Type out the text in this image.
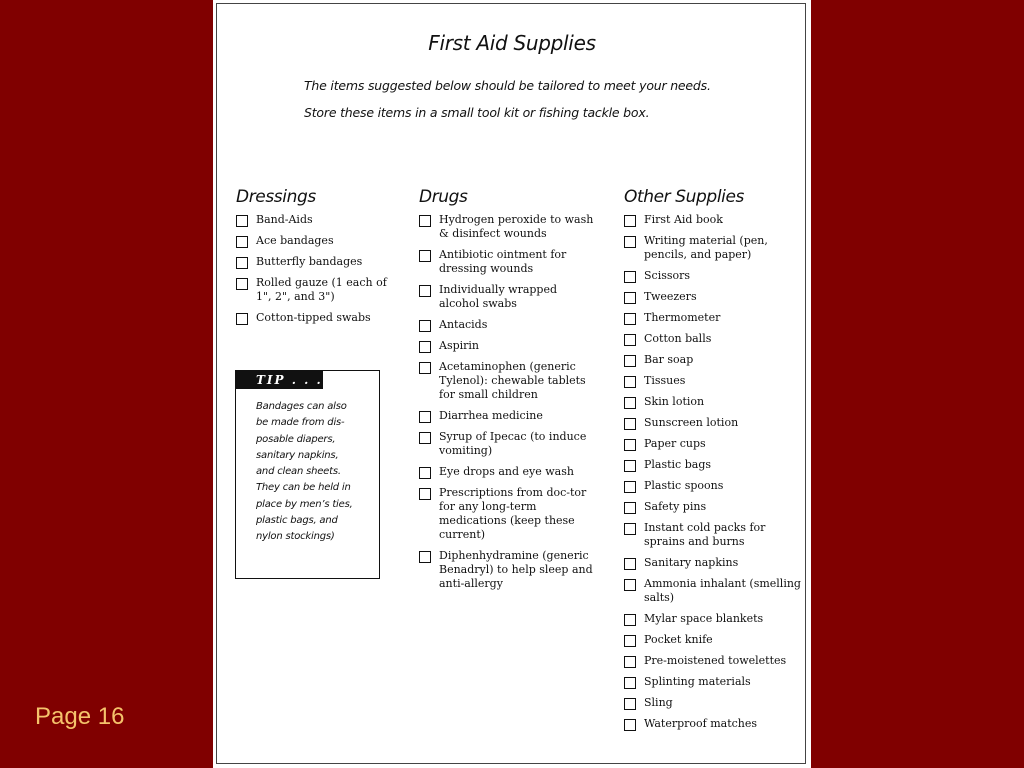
Page 16
First Aid Supplies
The items suggested below should be tailored to meet your needs.
Store these items in a small tool kit or fishing tackle box.
Dressings
Band-Aids
Ace bandages
Butterfly bandages
Rolled gauze (1 each of 1", 2", and 3")
Cotton-tipped swabs
Drugs
Hydrogen peroxide to wash & disinfect wounds
Antibiotic ointment for dressing wounds
Individually wrapped alcohol swabs
Antacids
Aspirin
Acetaminophen (generic Tylenol): chewable tablets for small children
Diarrhea medicine
Syrup of Ipecac (to induce vomiting)
Eye drops and eye wash
Prescriptions from doc-tor for any long-term medications (keep these current)
Diphenhydramine (generic Benadryl) to help sleep and anti-allergy
Other Supplies
First Aid book
Writing material (pen, pencils, and paper)
Scissors
Tweezers
Thermometer
Cotton balls
Bar soap
Tissues
Skin lotion
Sunscreen lotion
Paper cups
Plastic bags
Plastic spoons
Safety pins
Instant cold packs for sprains and burns
Sanitary napkins
Ammonia inhalant (smelling salts)
Mylar space blankets
Pocket knife
Pre-moistened towelettes
Splinting materials
Sling
Waterproof matches
TIP . . .
Bandages can also
be made from dis-
posable diapers,
sanitary napkins,
and clean sheets.
They can be held in
place by men’s ties,
plastic bags, and
nylon stockings)
